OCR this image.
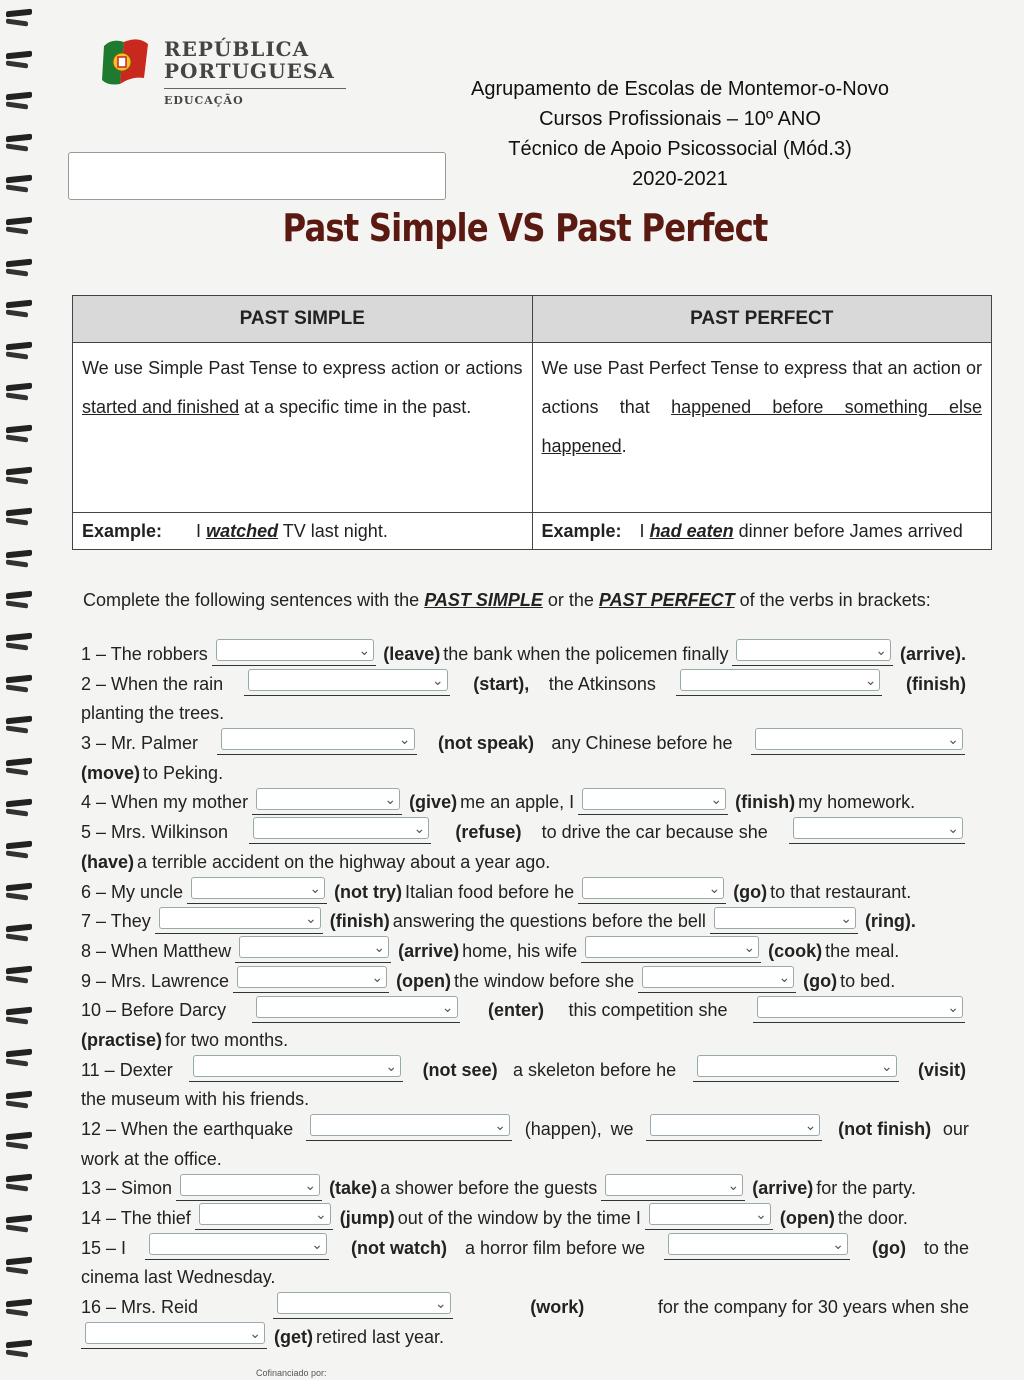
REPÚBLICA
PORTUGUESA
EDUCAÇÃO
Agrupamento de Escolas de Montemor-o-Novo
Cursos Profissionais – 10º ANO
Técnico de Apoio Psicossocial (Mód.3)
2020-2021
Past Simple VS Past Perfect
PAST SIMPLE	PAST PERFECT
We use Simple Past Tense to express action or actions started and finished at a specific time in the past.	We use Past Perfect Tense to express that an action or actions that happened before something else happened.
Example: I watched TV last night.	Example: I had eaten dinner before James arrived
Complete the following sentences with the PAST SIMPLE or the PAST PERFECT of the verbs in brackets:
1 – The robbers ⌄	(leave) the bank when the policemen finally ⌄	(arrive).
2 – When the rain ⌄	(start), the Atkinsons ⌄	(finish)
planting the trees.
3 – Mr. Palmer ⌄	(not speak) any Chinese before he
⌄
(move) to Peking.
4 – When my mother ⌄	(give) me an apple, I ⌄	(finish) my homework.
5 – Mrs. Wilkinson ⌄	(refuse) to drive the car because she
⌄
(have) a terrible accident on the highway about a year ago.
6 – My uncle ⌄	(not try) Italian food before he ⌄	(go) to that restaurant.
7 – They ⌄	(finish) answering the questions before the bell ⌄	(ring).
8 – When Matthew ⌄	(arrive) home, his wife ⌄	(cook) the meal.
9 – Mrs. Lawrence ⌄	(open) the window before she ⌄	(go) to bed.
10 – Before Darcy ⌄	(enter) this competition she
⌄
(practise) for two months.
11 – Dexter ⌄	(not see) a skeleton before he ⌄	(visit)
the museum with his friends.
12 – When the earthquake ⌄	(happen), we ⌄	(not finish) our
work at the office.
13 – Simon ⌄	(take) a shower before the guests ⌄	(arrive) for the party.
14 – The thief ⌄	(jump) out of the window by the time I ⌄	(open) the door.
15 – I ⌄	(not watch) a horror film before we ⌄	(go) to the
cinema last Wednesday.
16 – Mrs. Reid ⌄	(work)	for the company for 30 years when she
⌄
(get) retired last year.
Cofinanciado por:
